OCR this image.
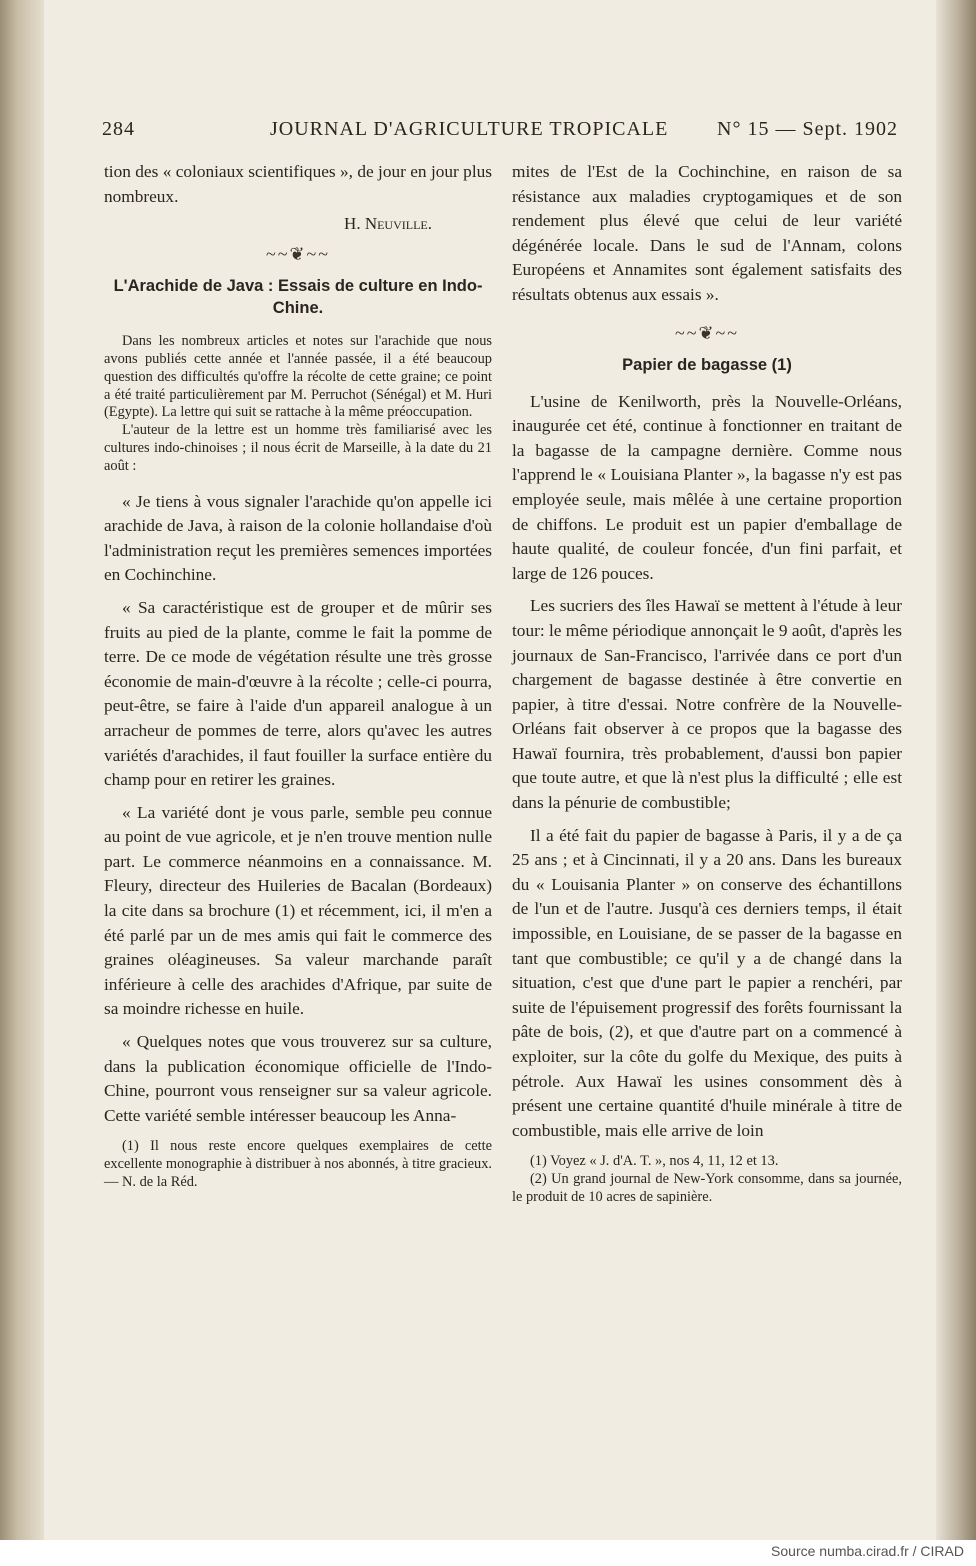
284	JOURNAL D'AGRICULTURE TROPICALE N° 15 — Sept. 1902

tion des « coloniaux scientifiques », de jour en jour plus nombreux.

H. Neuville.
~~❦~~
L'Arachide de Java : Essais de culture en Indo-Chine.

Dans les nombreux articles et notes sur l'arachide que nous avons publiés cette année et l'année passée, il a été beaucoup question des difficultés qu'offre la récolte de cette graine; ce point a été traité particulièrement par M. Perruchot (Sénégal) et M. Huri (Egypte). La lettre qui suit se rattache à la même préoccupation.

L'auteur de la lettre est un homme très familiarisé avec les cultures indo-chinoises ; il nous écrit de Marseille, à la date du 21 août :

« Je tiens à vous signaler l'arachide qu'on appelle ici arachide de Java, à raison de la colonie hollandaise d'où l'administration reçut les premières semences importées en Cochinchine.

« Sa caractéristique est de grouper et de mûrir ses fruits au pied de la plante, comme le fait la pomme de terre. De ce mode de végétation résulte une très grosse économie de main-d'œuvre à la récolte ; celle-ci pourra, peut-être, se faire à l'aide d'un appareil analogue à un arracheur de pommes de terre, alors qu'avec les autres variétés d'arachides, il faut fouiller la surface entière du champ pour en retirer les graines.

« La variété dont je vous parle, semble peu connue au point de vue agricole, et je n'en trouve mention nulle part. Le commerce néanmoins en a connaissance. M. Fleury, directeur des Huileries de Bacalan (Bordeaux) la cite dans sa brochure (1) et récemment, ici, il m'en a été parlé par un de mes amis qui fait le commerce des graines oléagineuses. Sa valeur marchande paraît inférieure à celle des arachides d'Afrique, par suite de sa moindre richesse en huile.

« Quelques notes que vous trouverez sur sa culture, dans la publication économique officielle de l'Indo-Chine, pourront vous renseigner sur sa valeur agricole. Cette variété semble intéresser beaucoup les Anna-

(1) Il nous reste encore quelques exemplaires de cette excellente monographie à distribuer à nos abonnés, à titre gracieux. — N. de la Réd.

mites de l'Est de la Cochinchine, en raison de sa résistance aux maladies cryptogamiques et de son rendement plus élevé que celui de leur variété dégénérée locale. Dans le sud de l'Annam, colons Européens et Annamites sont également satisfaits des résultats obtenus aux essais ».

~~❦~~
Papier de bagasse (1)

L'usine de Kenilworth, près la Nouvelle-Orléans, inaugurée cet été, continue à fonctionner en traitant de la bagasse de la campagne dernière. Comme nous l'apprend le « Louisiana Planter », la bagasse n'y est pas employée seule, mais mêlée à une certaine proportion de chiffons. Le produit est un papier d'emballage de haute qualité, de couleur foncée, d'un fini parfait, et large de 126 pouces.

Les sucriers des îles Hawaï se mettent à l'étude à leur tour: le même périodique annonçait le 9 août, d'après les journaux de San-Francisco, l'arrivée dans ce port d'un chargement de bagasse destinée à être convertie en papier, à titre d'essai. Notre confrère de la Nouvelle-Orléans fait observer à ce propos que la bagasse des Hawaï fournira, très probablement, d'aussi bon papier que toute autre, et que là n'est plus la difficulté ; elle est dans la pénurie de combustible;

Il a été fait du papier de bagasse à Paris, il y a de ça 25 ans ; et à Cincinnati, il y a 20 ans. Dans les bureaux du « Louisania Planter » on conserve des échantillons de l'un et de l'autre. Jusqu'à ces derniers temps, il était impossible, en Louisiane, de se passer de la bagasse en tant que combustible; ce qu'il y a de changé dans la situation, c'est que d'une part le papier a renchéri, par suite de l'épuisement progressif des forêts fournissant la pâte de bois, (2), et que d'autre part on a commencé à exploiter, sur la côte du golfe du Mexique, des puits à pétrole. Aux Hawaï les usines consomment dès à présent une certaine quantité d'huile minérale à titre de combustible, mais elle arrive de loin

(1) Voyez « J. d'A. T. », nos 4, 11, 12 et 13.

(2) Un grand journal de New-York consomme, dans sa journée, le produit de 10 acres de sapinière.

Source numba.cirad.fr / CIRAD
